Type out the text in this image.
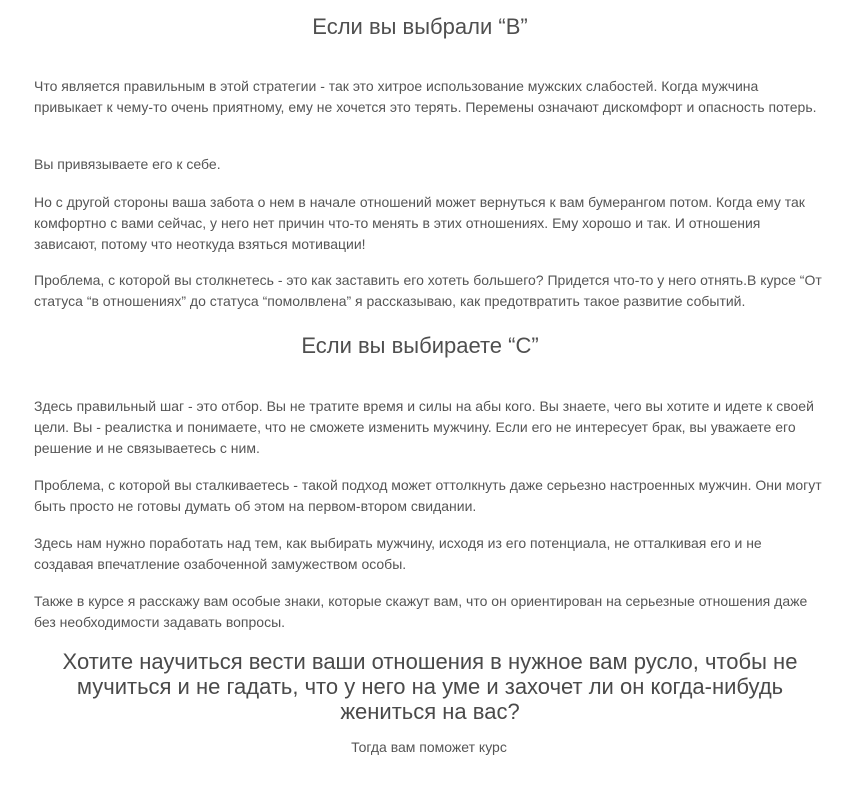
Если вы выбрали “B”

Что является правильным в этой стратегии - так это хитрое использование мужских слабостей. Когда мужчина привыкает к чему-то очень приятному, ему не хочется это терять. Перемены означают дискомфорт и опасность потерь.

Вы привязываете его к себе.

Но с другой стороны ваша забота о нем в начале отношений может вернуться к вам бумерангом потом. Когда ему так комфортно с вами сейчас, у него нет причин что-то менять в этих отношениях. Ему хорошо и так. И отношения зависают, потому что неоткуда взяться мотивации!

Проблема, с которой вы столкнетесь - это как заставить его хотеть большего? Придется что-то у него отнять.В курсе “От статуса “в отношениях” до статуса “помолвлена” я рассказываю, как предотвратить такое развитие событий.

Если вы выбираете “C”

Здесь правильный шаг - это отбор. Вы не тратите время и силы на абы кого. Вы знаете, чего вы хотите и идете к своей цели. Вы - реалистка и понимаете, что не сможете изменить мужчину. Если его не интересует брак, вы уважаете его решение и не связываетесь с ним.

Проблема, с которой вы сталкиваетесь - такой подход может оттолкнуть даже серьезно настроенных мужчин. Они могут быть просто не готовы думать об этом на первом-втором свидании.

Здесь нам нужно поработать над тем, как выбирать мужчину, исходя из его потенциала, не отталкивая его и не создавая впечатление озабоченной замужеством особы.

Также в курсе я расскажу вам особые знаки, которые скажут вам, что он ориентирован на серьезные отношения даже без необходимости задавать вопросы.

Хотите научиться вести ваши отношения в нужное вам русло, чтобы не мучиться и не гадать, что у него на уме и захочет ли он когда-нибудь жениться на вас?

Тогда вам поможет курс
